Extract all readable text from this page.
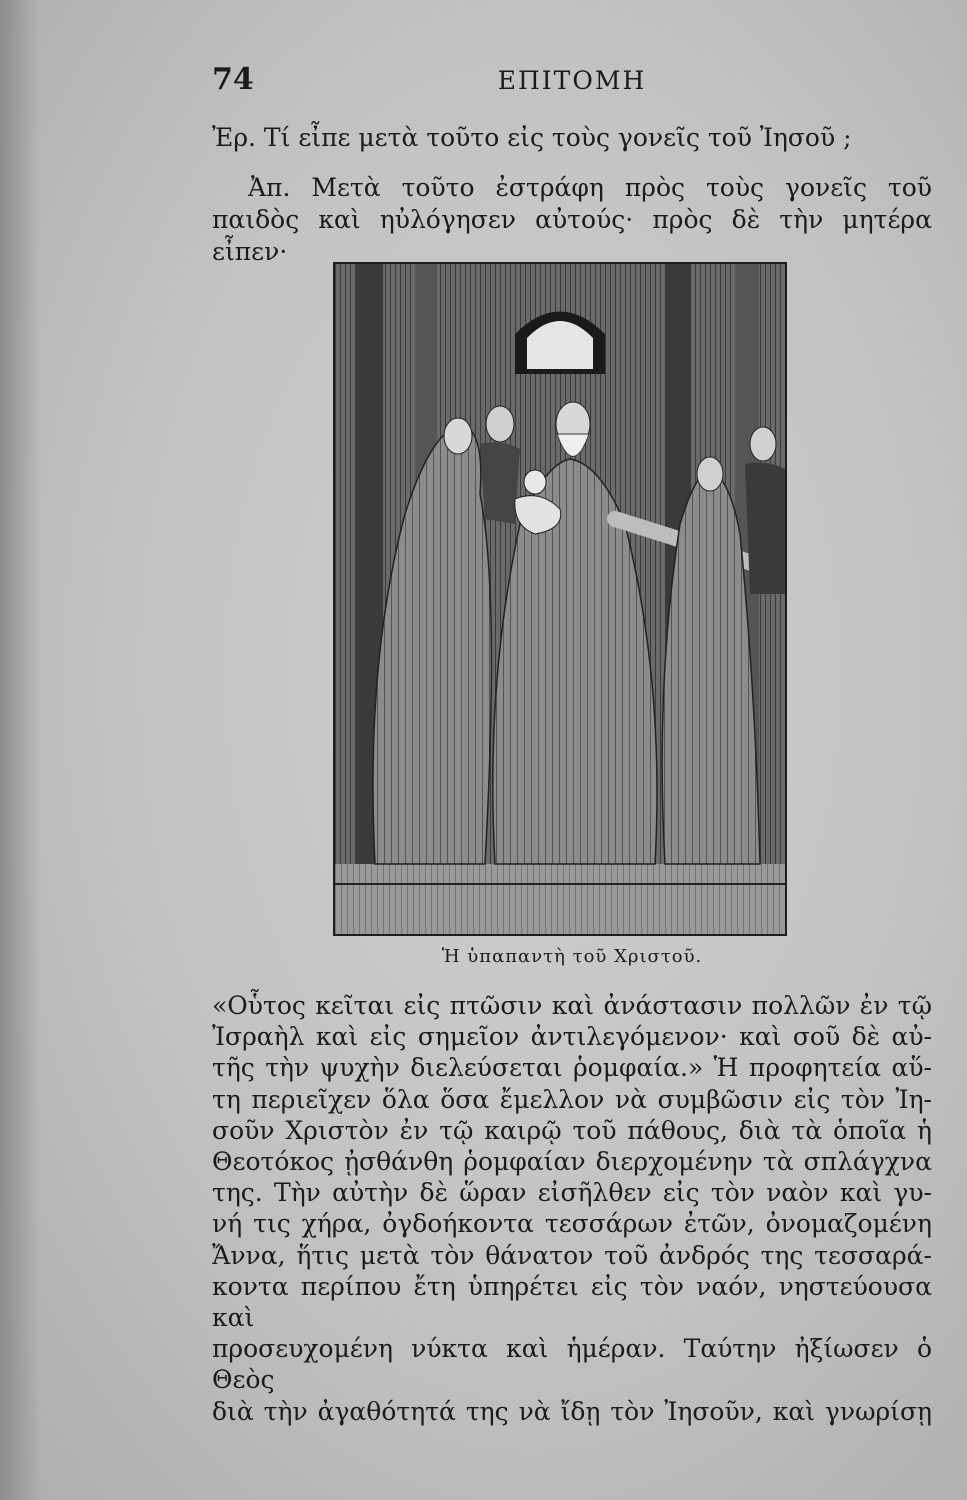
74	ΕΠΙΤΟΜΗ
Ἐρ. Τί εἶπε μετὰ τοῦτο εἰς τοὺς γονεῖς τοῦ Ἰησοῦ ;
Ἀπ. Μετὰ τοῦτο ἐστράφη πρὸς τοὺς γονεῖς τοῦ παιδὸς καὶ ηὐλόγησεν αὐτούς· πρὸς δὲ τὴν μητέρα εἶπεν·
Ἡ ὑπαπαντὴ τοῦ Χριστοῦ.
«Οὗτος κεῖται εἰς πτῶσιν καὶ ἀνάστασιν πολλῶν ἐν τῷ
Ἰσραὴλ καὶ εἰς σημεῖον ἀντιλεγόμενον· καὶ σοῦ δὲ αὐ-
τῆς τὴν ψυχὴν διελεύσεται ῥομφαία.» Ἡ προφητεία αὕ-
τη περιεῖχεν ὅλα ὅσα ἔμελλον νὰ συμβῶσιν εἰς τὸν Ἰη-
σοῦν Χριστὸν ἐν τῷ καιρῷ τοῦ πάθους, διὰ τὰ ὁποῖα ἡ
Θεοτόκος ᾐσθάνθη ῥομφαίαν διερχομένην τὰ σπλάγχνα
της. Τὴν αὐτὴν δὲ ὥραν εἰσῆλθεν εἰς τὸν ναὸν καὶ γυ-
νή τις χήρα, ὀγδοήκοντα τεσσάρων ἐτῶν, ὀνομαζομένη
Ἄννα, ἥτις μετὰ τὸν θάνατον τοῦ ἀνδρός της τεσσαρά-
κοντα περίπου ἔτη ὑπηρέτει εἰς τὸν ναόν, νηστεύουσα καὶ
προσευχομένη νύκτα καὶ ἡμέραν. Ταύτην ἠξίωσεν ὁ Θεὸς
διὰ τὴν ἀγαθότητά της νὰ ἴδῃ τὸν Ἰησοῦν, καὶ γνωρίσῃ
